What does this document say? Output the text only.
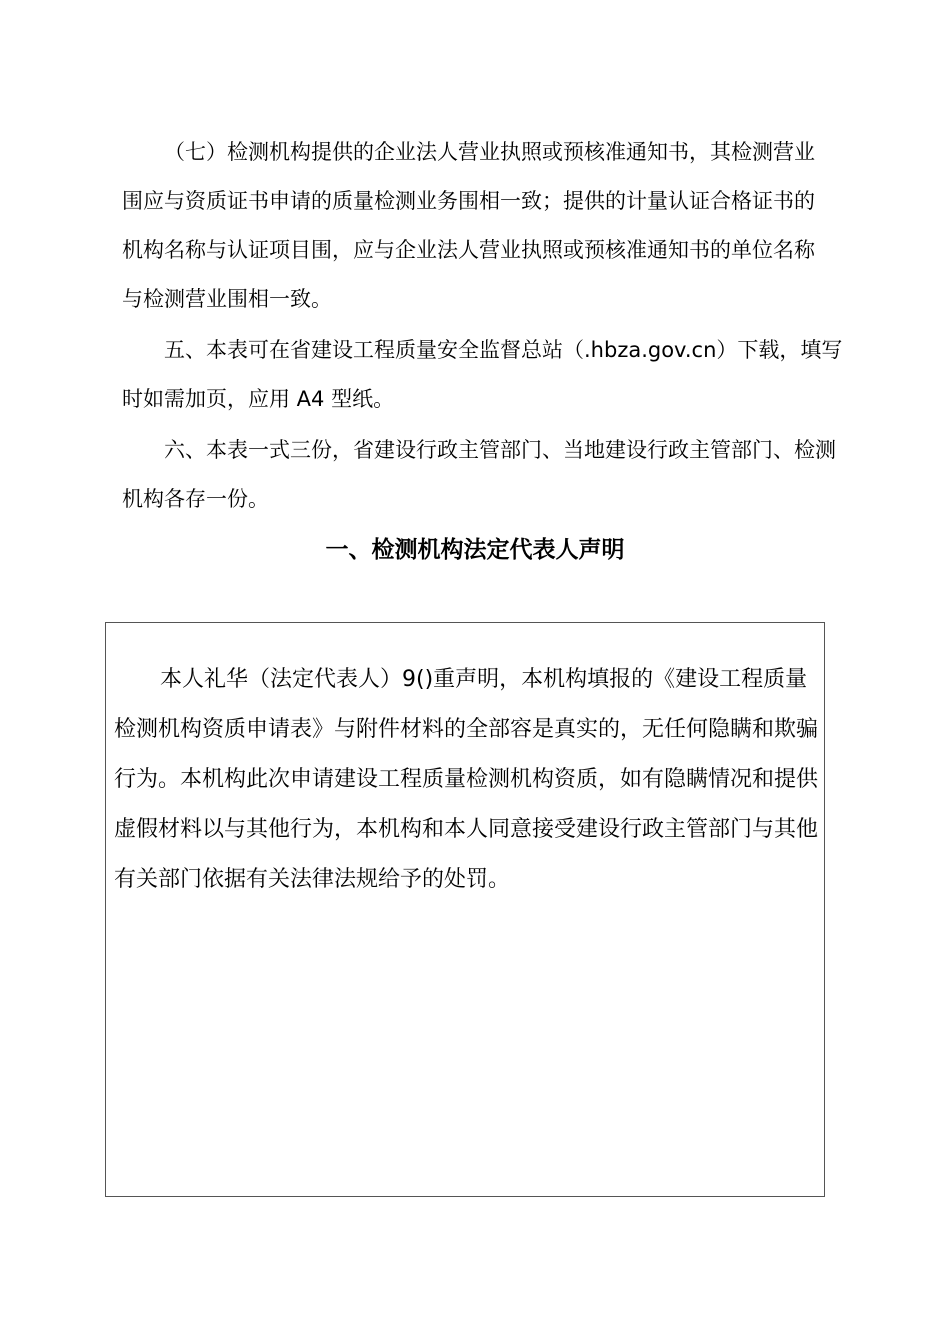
（七）检测机构提供的企业法人营业执照或预核准通知书，其检测营业围应与资质证书申请的质量检测业务围相一致；提供的计量认证合格证书的机构名称与认证项目围，应与企业法人营业执照或预核准通知书的单位名称与检测营业围相一致。

五、本表可在省建设工程质量安全监督总站（.hbza.gov.cn）下载，填写时如需加页，应用 A4 型纸。

六、本表一式三份，省建设行政主管部门、当地建设行政主管部门、检测机构各存一份。

一、检测机构法定代表人声明

本人礼华（法定代表人）9()重声明，本机构填报的《建设工程质量检测机构资质申请表》与附件材料的全部容是真实的，无任何隐瞒和欺骗行为。本机构此次申请建设工程质量检测机构资质，如有隐瞒情况和提供虚假材料以与其他行为，本机构和本人同意接受建设行政主管部门与其他有关部门依据有关法律法规给予的处罚。
